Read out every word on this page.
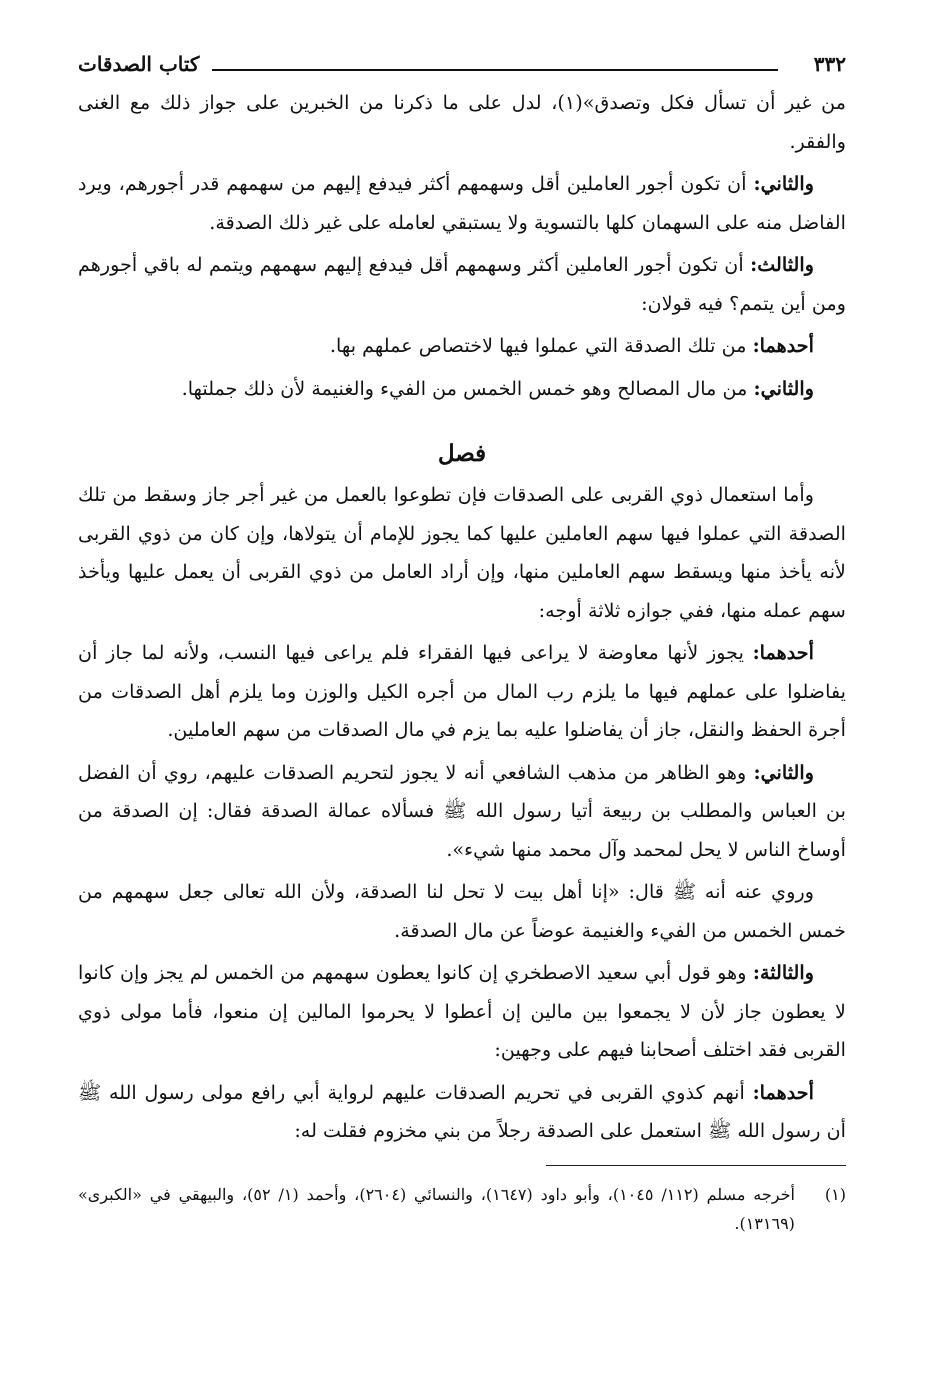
٣٣٢
كتاب الصدقات

من غير أن تسأل فكل وتصدق»(١)، لدل على ما ذكرنا من الخبرين على جواز ذلك مع الغنى والفقر.

والثاني: أن تكون أجور العاملين أقل وسهمهم أكثر فيدفع إليهم من سهمهم قدر أجورهم، ويرد الفاضل منه على السهمان كلها بالتسوية ولا يستبقي لعامله على غير ذلك الصدقة.

والثالث: أن تكون أجور العاملين أكثر وسهمهم أقل فيدفع إليهم سهمهم ويتمم له باقي أجورهم ومن أين يتمم؟ فيه قولان:

أحدهما: من تلك الصدقة التي عملوا فيها لاختصاص عملهم بها.

والثاني: من مال المصالح وهو خمس الخمس من الفيء والغنيمة لأن ذلك جملتها.

فصل

وأما استعمال ذوي القربى على الصدقات فإن تطوعوا بالعمل من غير أجر جاز وسقط من تلك الصدقة التي عملوا فيها سهم العاملين عليها كما يجوز للإمام أن يتولاها، وإن كان من ذوي القربى لأنه يأخذ منها ويسقط سهم العاملين منها، وإن أراد العامل من ذوي القربى أن يعمل عليها ويأخذ سهم عمله منها، ففي جوازه ثلاثة أوجه:

أحدهما: يجوز لأنها معاوضة لا يراعى فيها الفقراء فلم يراعى فيها النسب، ولأنه لما جاز أن يفاضلوا على عملهم فيها ما يلزم رب المال من أجره الكيل والوزن وما يلزم أهل الصدقات من أجرة الحفظ والنقل، جاز أن يفاضلوا عليه بما يزم في مال الصدقات من سهم العاملين.

والثاني: وهو الظاهر من مذهب الشافعي أنه لا يجوز لتحريم الصدقات عليهم، روي أن الفضل بن العباس والمطلب بن ربيعة أتيا رسول الله ﷺ فسألاه عمالة الصدقة فقال: إن الصدقة من أوساخ الناس لا يحل لمحمد وآل محمد منها شيء».

وروي عنه أنه ﷺ قال: «إنا أهل بيت لا تحل لنا الصدقة، ولأن الله تعالى جعل سهمهم من خمس الخمس من الفيء والغنيمة عوضاً عن مال الصدقة.

والثالثة: وهو قول أبي سعيد الاصطخري إن كانوا يعطون سهمهم من الخمس لم يجز وإن كانوا لا يعطون جاز لأن لا يجمعوا بين مالين إن أعطوا لا يحرموا المالين إن منعوا، فأما مولى ذوي القربى فقد اختلف أصحابنا فيهم على وجهين:

أحدهما: أنهم كذوي القربى في تحريم الصدقات عليهم لرواية أبي رافع مولى رسول الله ﷺ أن رسول الله ﷺ استعمل على الصدقة رجلاً من بني مخزوم فقلت له:

(١)
أخرجه مسلم (١١٢/ ١٠٤٥)، وأبو داود (١٦٤٧)، والنسائي (٢٦٠٤)، وأحمد (١/ ٥٢)، والبيهقي في «الكبرى» (١٣١٦٩).
